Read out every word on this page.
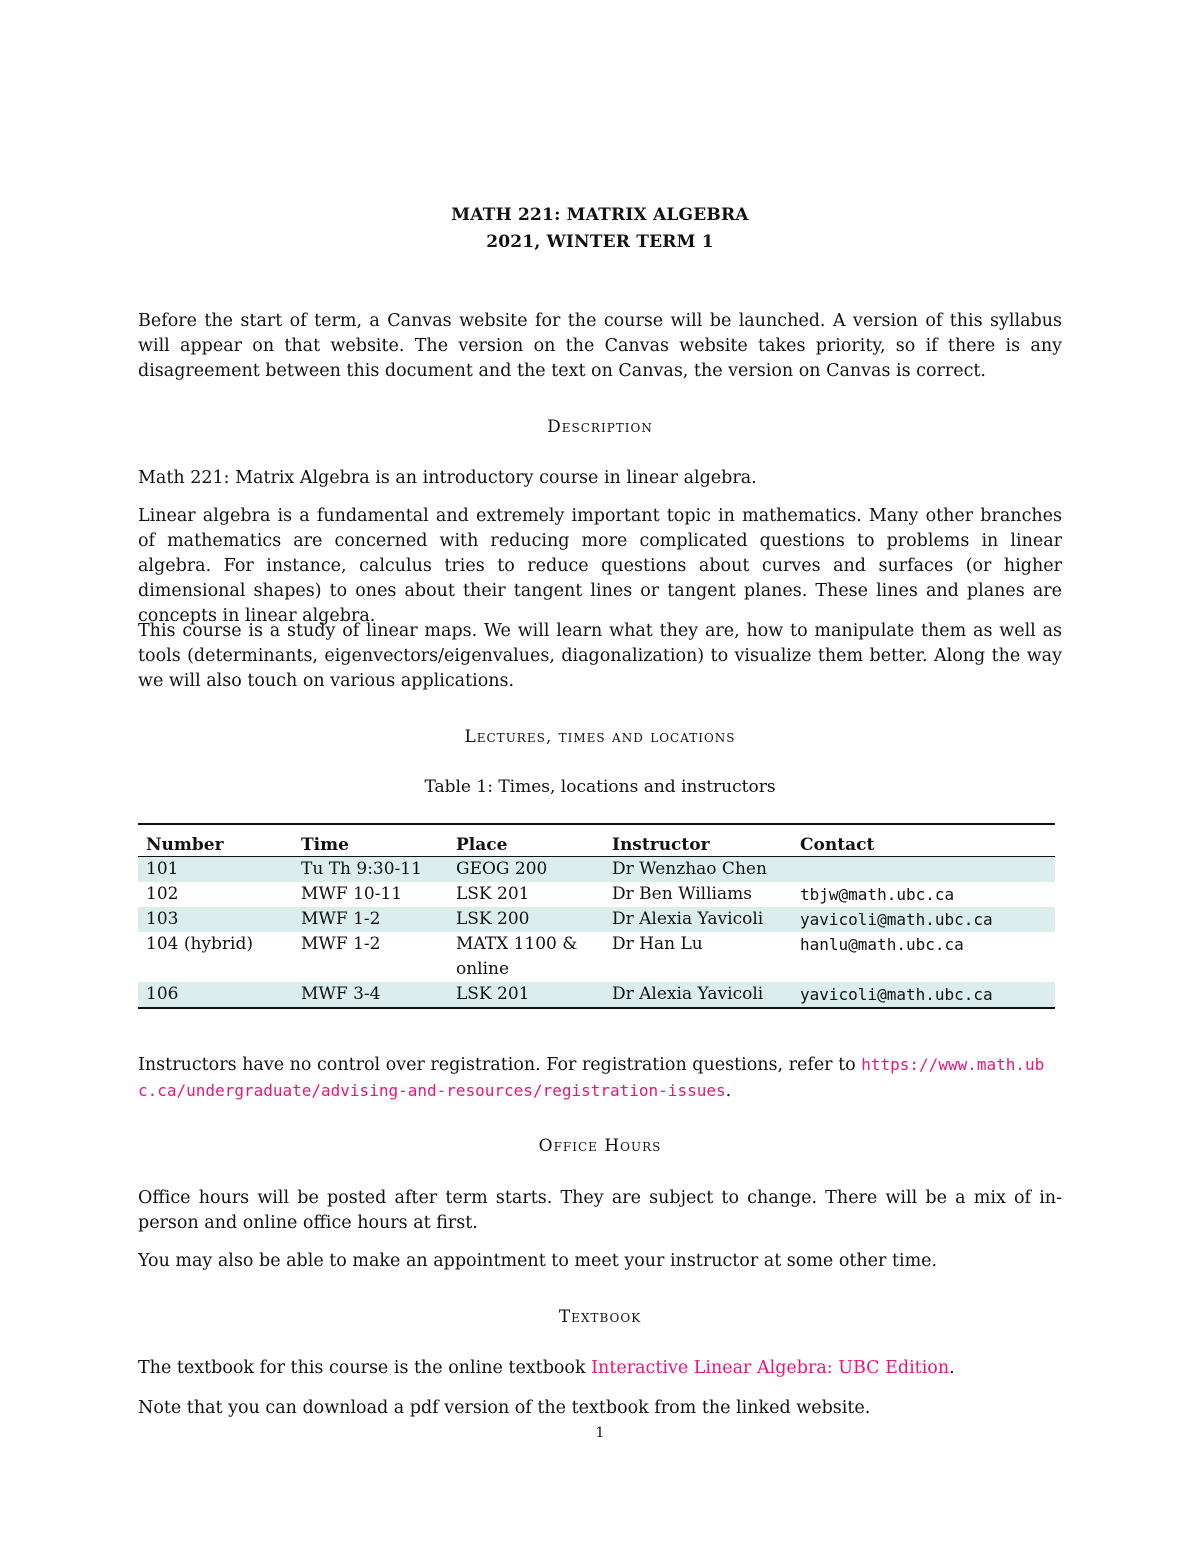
MATH 221: MATRIX ALGEBRA
2021, WINTER TERM 1
Before the start of term, a Canvas website for the course will be launched. A version of this syllabus will appear on that website. The version on the Canvas website takes priority, so if there is any disagreement between this document and the text on Canvas, the version on Canvas is correct.
Description
Math 221: Matrix Algebra is an introductory course in linear algebra.
Linear algebra is a fundamental and extremely important topic in mathematics. Many other branches of mathematics are concerned with reducing more complicated questions to problems in linear algebra. For instance, calculus tries to reduce questions about curves and surfaces (or higher dimensional shapes) to ones about their tangent lines or tangent planes. These lines and planes are concepts in linear algebra.
This course is a study of linear maps. We will learn what they are, how to manipulate them as well as tools (determinants, eigenvectors/eigenvalues, diagonalization) to visualize them better. Along the way we will also touch on various applications.
Lectures, times and locations
Table 1: Times, locations and instructors
Number	Time	Place	Instructor	Contact
101	Tu Th 9:30-11	GEOG 200	Dr Wenzhao Chen	
102	MWF 10-11	LSK 201	Dr Ben Williams	tbjw@math.ubc.ca
103	MWF 1-2	LSK 200	Dr Alexia Yavicoli	yavicoli@math.ubc.ca
104 (hybrid)	MWF 1-2	MATX 1100 & online	Dr Han Lu	hanlu@math.ubc.ca
106	MWF 3-4	LSK 201	Dr Alexia Yavicoli	yavicoli@math.ubc.ca
Instructors have no control over registration. For registration questions, refer to https://www.math.ubc.ca/undergraduate/advising-and-resources/registration-issues.
Office Hours
Office hours will be posted after term starts. They are subject to change. There will be a mix of in-person and online office hours at first.
You may also be able to make an appointment to meet your instructor at some other time.
Textbook
The textbook for this course is the online textbook Interactive Linear Algebra: UBC Edition.
Note that you can download a pdf version of the textbook from the linked website.
1
